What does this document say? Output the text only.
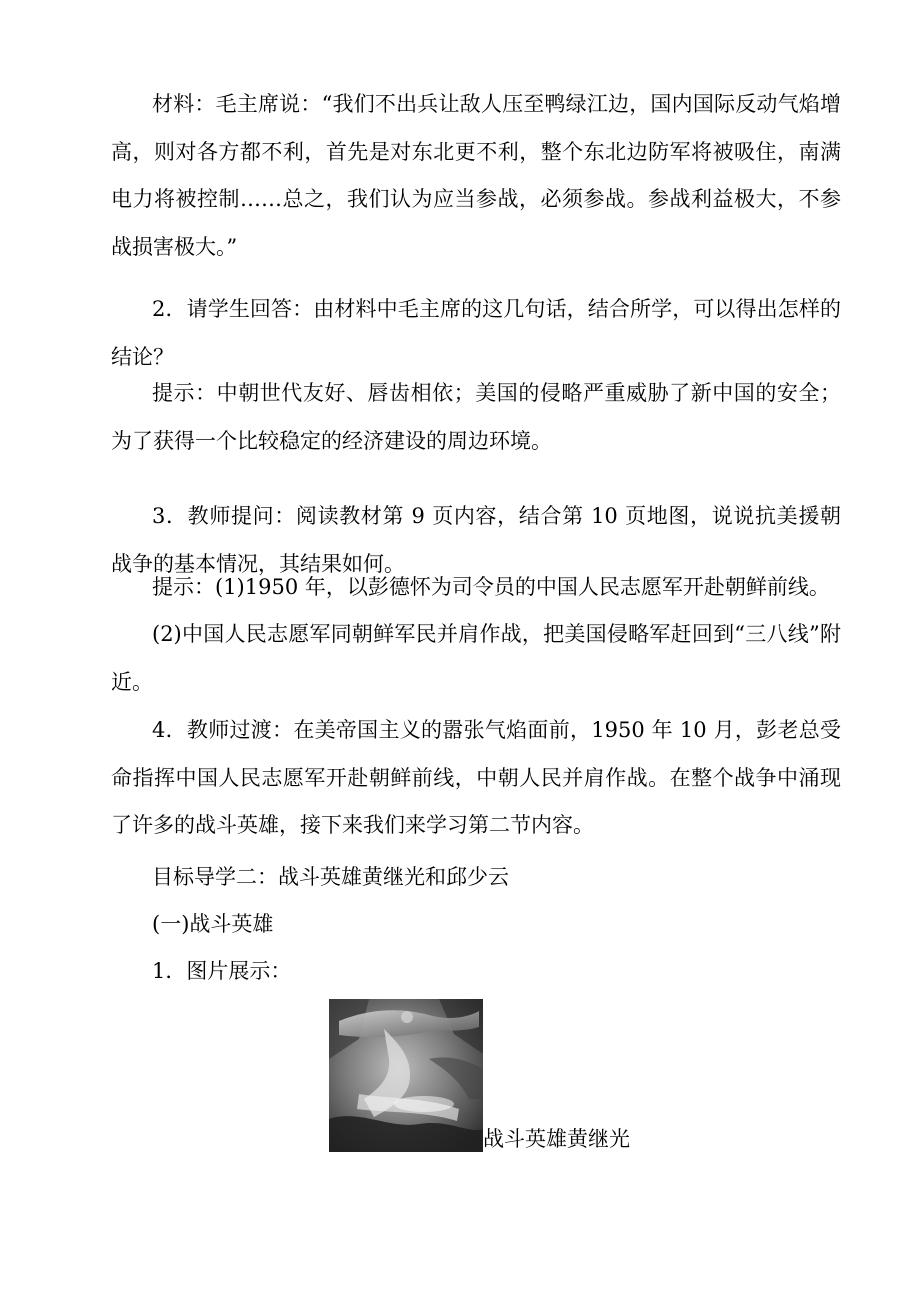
材料：毛主席说：“我们不出兵让敌人压至鸭绿江边，国内国际反动气焰增高，则对各方都不利，首先是对东北更不利，整个东北边防军将被吸住，南满电力将被控制……总之，我们认为应当参战，必须参战。参战利益极大，不参战损害极大。”

2．请学生回答：由材料中毛主席的这几句话，结合所学，可以得出怎样的结论？

提示：中朝世代友好、唇齿相依；美国的侵略严重威胁了新中国的安全；为了获得一个比较稳定的经济建设的周边环境。

3．教师提问：阅读教材第 9 页内容，结合第 10 页地图，说说抗美援朝战争的基本情况，其结果如何。

提示：(1)1950 年，以彭德怀为司令员的中国人民志愿军开赴朝鲜前线。

(2)中国人民志愿军同朝鲜军民并肩作战，把美国侵略军赶回到“三八线”附近。

4．教师过渡：在美帝国主义的嚣张气焰面前，1950 年 10 月，彭老总受命指挥中国人民志愿军开赴朝鲜前线，中朝人民并肩作战。在整个战争中涌现了许多的战斗英雄，接下来我们来学习第二节内容。

目标导学二：战斗英雄黄继光和邱少云

(一)战斗英雄

1．图片展示：

战斗英雄黄继光
